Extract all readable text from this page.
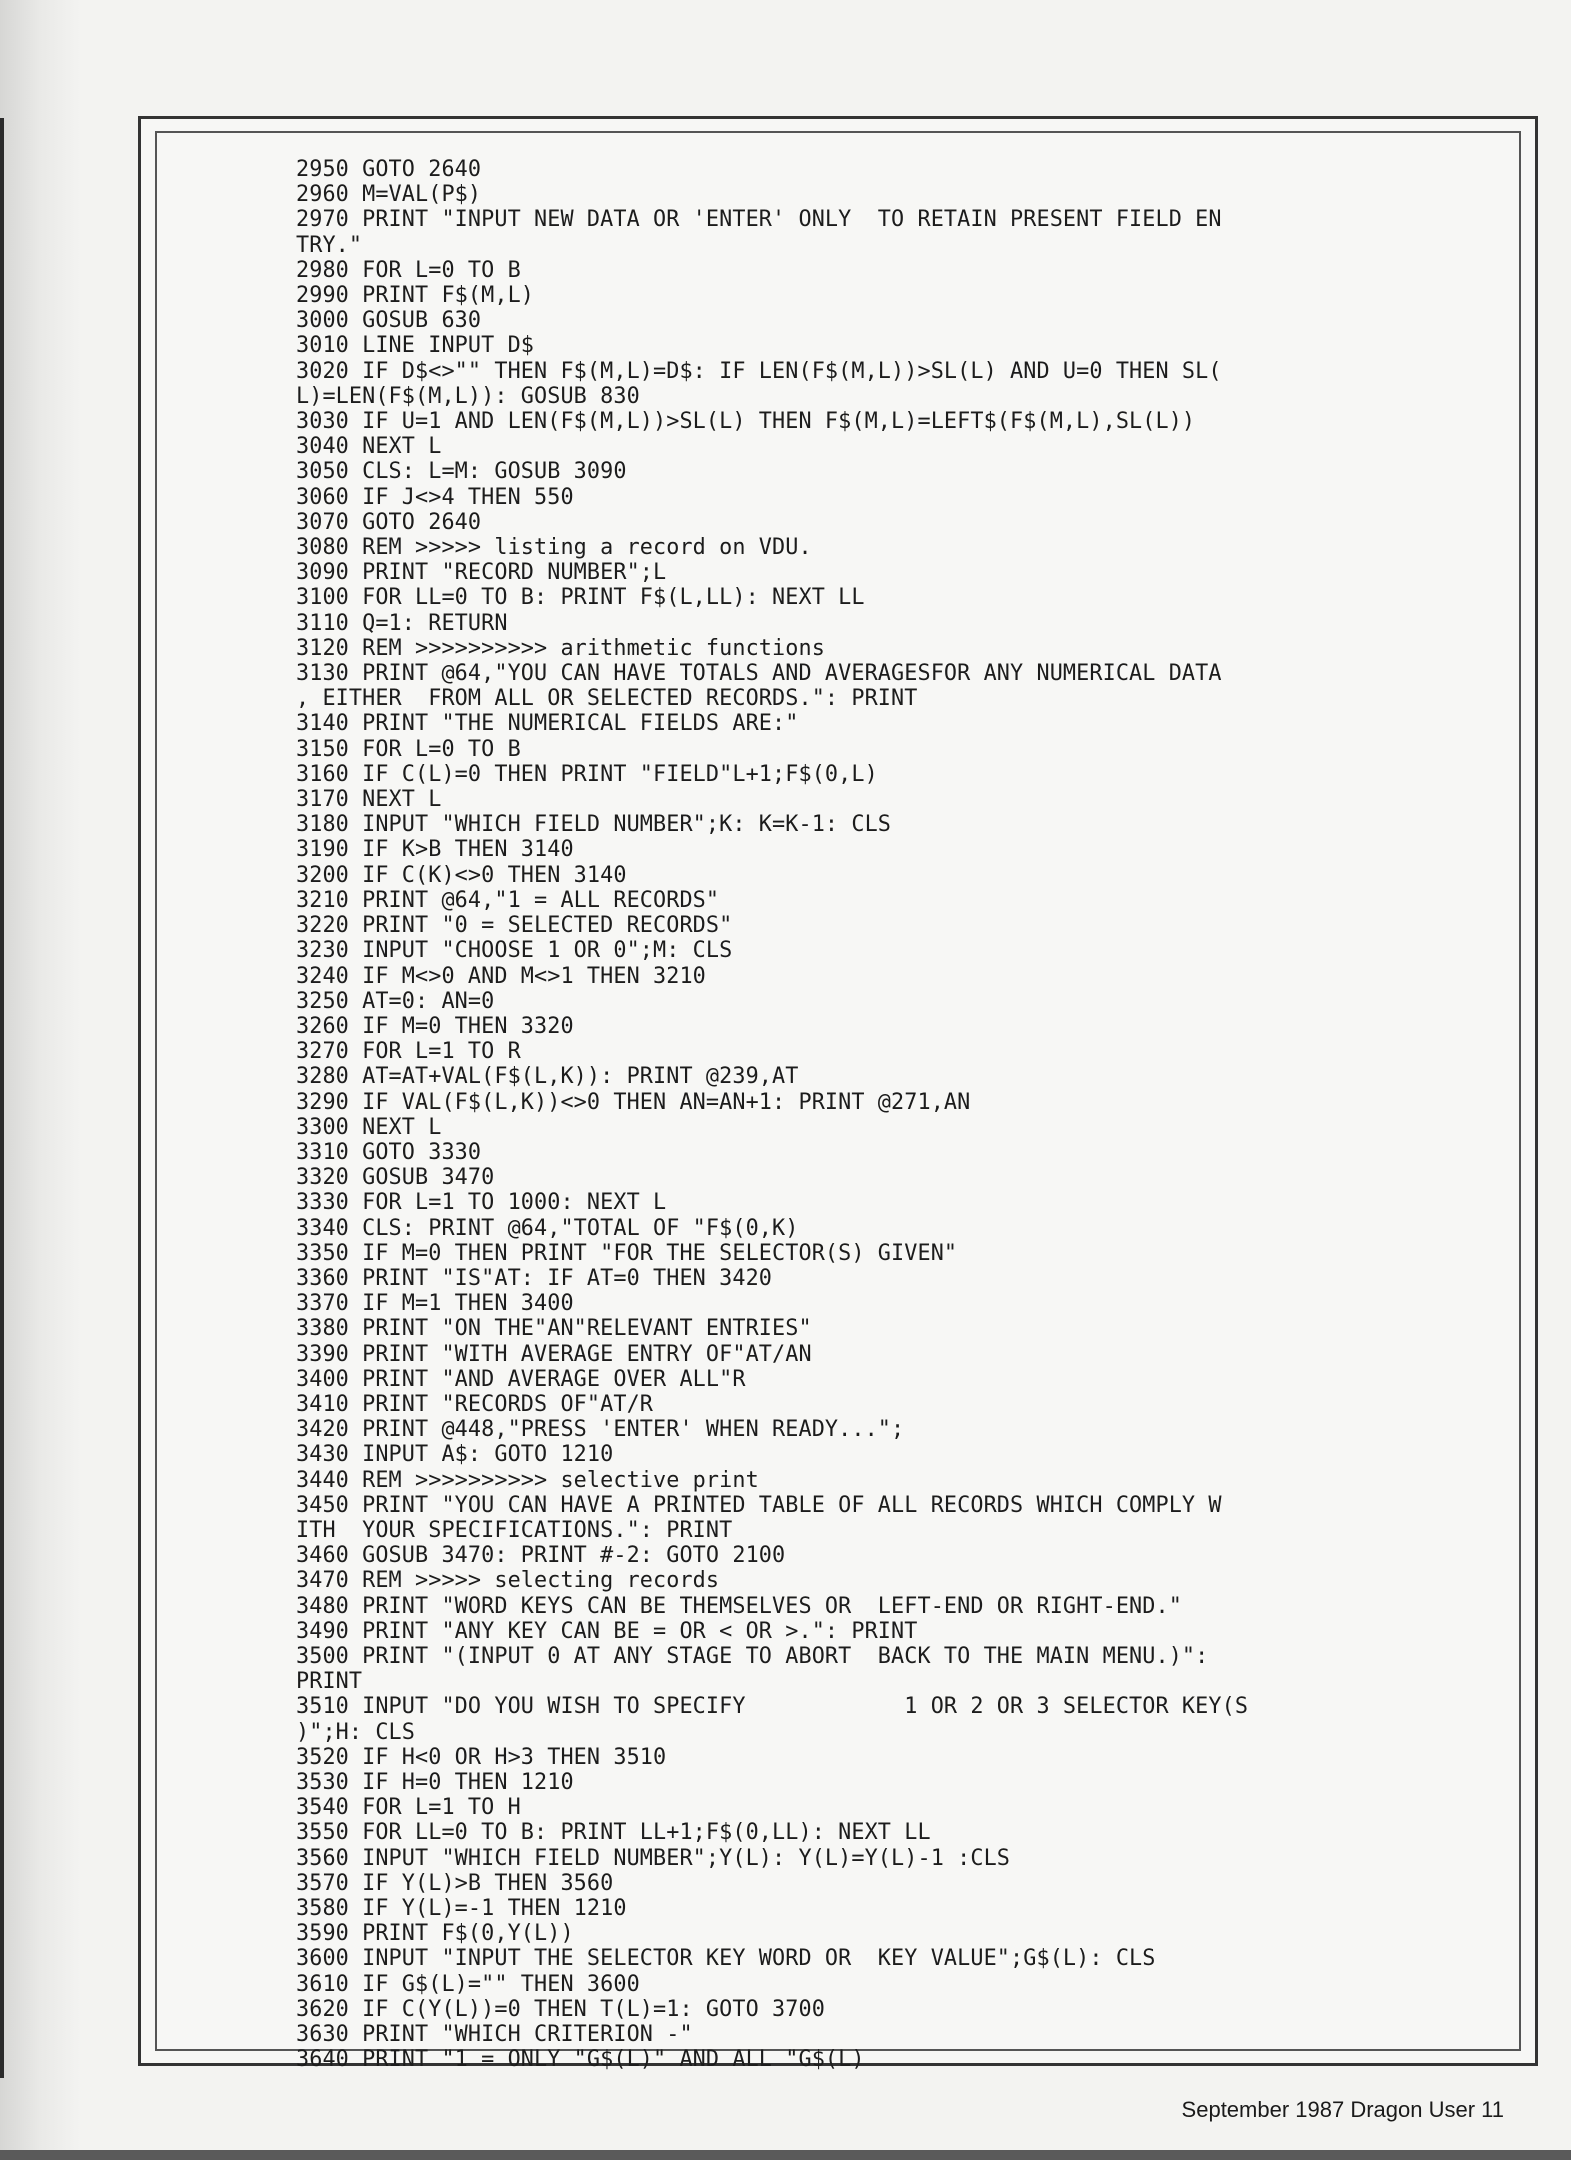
2950 GOTO 2640
2960 M=VAL(P$)
2970 PRINT "INPUT NEW DATA OR 'ENTER' ONLY  TO RETAIN PRESENT FIELD EN
TRY."
2980 FOR L=0 TO B
2990 PRINT F$(M,L)
3000 GOSUB 630
3010 LINE INPUT D$
3020 IF D$<>"" THEN F$(M,L)=D$: IF LEN(F$(M,L))>SL(L) AND U=0 THEN SL(
L)=LEN(F$(M,L)): GOSUB 830
3030 IF U=1 AND LEN(F$(M,L))>SL(L) THEN F$(M,L)=LEFT$(F$(M,L),SL(L))
3040 NEXT L
3050 CLS: L=M: GOSUB 3090
3060 IF J<>4 THEN 550
3070 GOTO 2640
3080 REM >>>>> listing a record on VDU.
3090 PRINT "RECORD NUMBER";L
3100 FOR LL=0 TO B: PRINT F$(L,LL): NEXT LL
3110 Q=1: RETURN
3120 REM >>>>>>>>>> arithmetic functions
3130 PRINT @64,"YOU CAN HAVE TOTALS AND AVERAGESFOR ANY NUMERICAL DATA
, EITHER  FROM ALL OR SELECTED RECORDS.": PRINT
3140 PRINT "THE NUMERICAL FIELDS ARE:"
3150 FOR L=0 TO B
3160 IF C(L)=0 THEN PRINT "FIELD"L+1;F$(0,L)
3170 NEXT L
3180 INPUT "WHICH FIELD NUMBER";K: K=K-1: CLS
3190 IF K>B THEN 3140
3200 IF C(K)<>0 THEN 3140
3210 PRINT @64,"1 = ALL RECORDS"
3220 PRINT "0 = SELECTED RECORDS"
3230 INPUT "CHOOSE 1 OR 0";M: CLS
3240 IF M<>0 AND M<>1 THEN 3210
3250 AT=0: AN=0
3260 IF M=0 THEN 3320
3270 FOR L=1 TO R
3280 AT=AT+VAL(F$(L,K)): PRINT @239,AT
3290 IF VAL(F$(L,K))<>0 THEN AN=AN+1: PRINT @271,AN
3300 NEXT L
3310 GOTO 3330
3320 GOSUB 3470
3330 FOR L=1 TO 1000: NEXT L
3340 CLS: PRINT @64,"TOTAL OF "F$(0,K)
3350 IF M=0 THEN PRINT "FOR THE SELECTOR(S) GIVEN"
3360 PRINT "IS"AT: IF AT=0 THEN 3420
3370 IF M=1 THEN 3400
3380 PRINT "ON THE"AN"RELEVANT ENTRIES"
3390 PRINT "WITH AVERAGE ENTRY OF"AT/AN
3400 PRINT "AND AVERAGE OVER ALL"R
3410 PRINT "RECORDS OF"AT/R
3420 PRINT @448,"PRESS 'ENTER' WHEN READY...";
3430 INPUT A$: GOTO 1210
3440 REM >>>>>>>>>> selective print
3450 PRINT "YOU CAN HAVE A PRINTED TABLE OF ALL RECORDS WHICH COMPLY W
ITH  YOUR SPECIFICATIONS.": PRINT
3460 GOSUB 3470: PRINT #-2: GOTO 2100
3470 REM >>>>> selecting records
3480 PRINT "WORD KEYS CAN BE THEMSELVES OR  LEFT-END OR RIGHT-END."
3490 PRINT "ANY KEY CAN BE = OR < OR >.": PRINT
3500 PRINT "(INPUT 0 AT ANY STAGE TO ABORT  BACK TO THE MAIN MENU.)":
PRINT
3510 INPUT "DO YOU WISH TO SPECIFY            1 OR 2 OR 3 SELECTOR KEY(S
)";H: CLS
3520 IF H<0 OR H>3 THEN 3510
3530 IF H=0 THEN 1210
3540 FOR L=1 TO H
3550 FOR LL=0 TO B: PRINT LL+1;F$(0,LL): NEXT LL
3560 INPUT "WHICH FIELD NUMBER";Y(L): Y(L)=Y(L)-1 :CLS
3570 IF Y(L)>B THEN 3560
3580 IF Y(L)=-1 THEN 1210
3590 PRINT F$(0,Y(L))
3600 INPUT "INPUT THE SELECTOR KEY WORD OR  KEY VALUE";G$(L): CLS
3610 IF G$(L)="" THEN 3600
3620 IF C(Y(L))=0 THEN T(L)=1: GOTO 3700
3630 PRINT "WHICH CRITERION -"
3640 PRINT "1 = ONLY "G$(L)" AND ALL "G$(L)
September 1987 Dragon User 11
